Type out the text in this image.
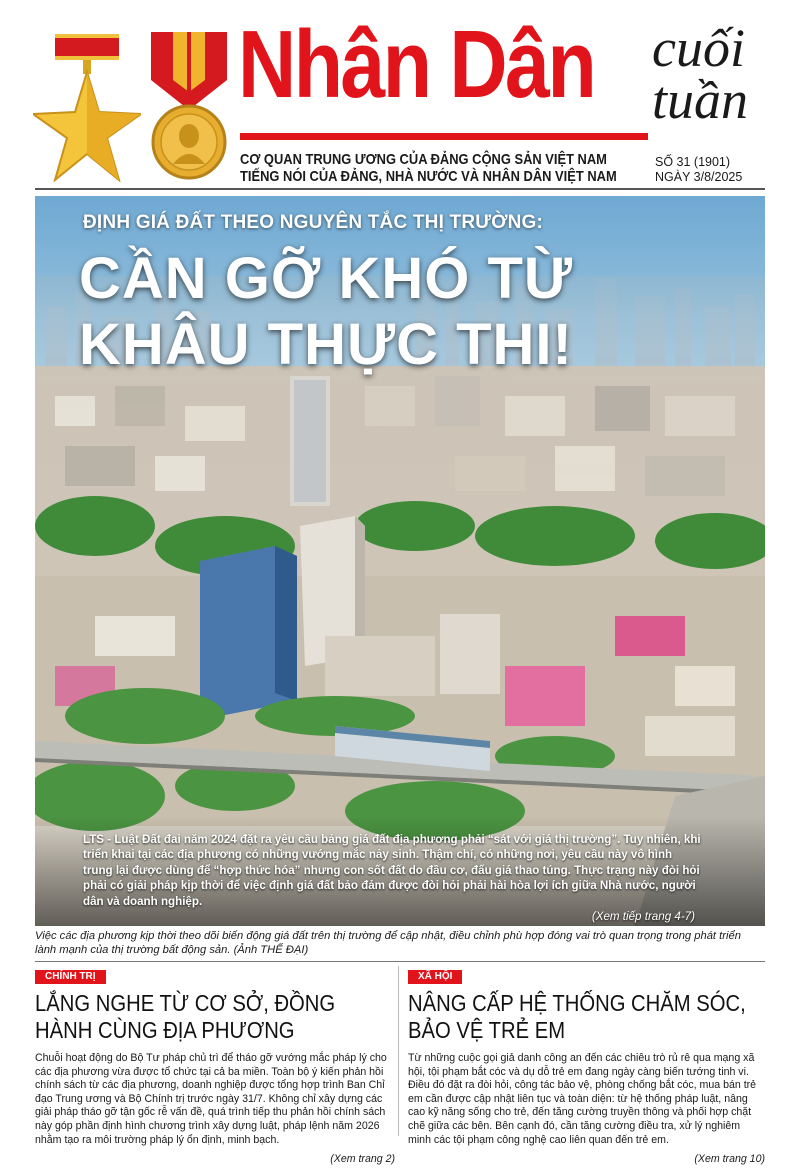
Nhân Dân
CƠ QUAN TRUNG ƯƠNG CỦA ĐẢNG CỘNG SẢN VIỆT NAM
TIẾNG NÓI CỦA ĐẢNG, NHÀ NƯỚC VÀ NHÂN DÂN VIỆT NAM
cuối tuần
SỐ 31 (1901)
NGÀY 3/8/2025
ĐỊNH GIÁ ĐẤT THEO NGUYÊN TẮC THỊ TRƯỜNG:
CẦN GỠ KHÓ TỪ KHÂU THỰC THI!
LTS - Luật Đất đai năm 2024 đặt ra yêu cầu bảng giá đất địa phương phải “sát với giá thị trường”. Tuy nhiên, khi triển khai tại các địa phương có những vướng mắc nảy sinh. Thậm chí, có những nơi, yêu cầu này vô hình trung lại được dùng để “hợp thức hóa” nhưng con sốt đất do đầu cơ, đấu giá thao túng. Thực trạng này đòi hỏi phải có giải pháp kịp thời để việc định giá đất bảo đảm được đòi hỏi phải hài hòa lợi ích giữa Nhà nước, người dân và doanh nghiệp.
(Xem tiếp trang 4-7)
Việc các địa phương kịp thời theo dõi biến động giá đất trên thị trường để cập nhật, điều chỉnh phù hợp đóng vai trò quan trọng trong phát triển lành mạnh của thị trường bất động sản. (Ảnh THẾ ĐẠI)
CHÍNH TRỊ
LẮNG NGHE TỪ CƠ SỞ, ĐỒNG HÀNH CÙNG ĐỊA PHƯƠNG
Chuỗi hoạt động do Bộ Tư pháp chủ trì để tháo gỡ vướng mắc pháp lý cho các địa phương vừa được tổ chức tại cả ba miền. Toàn bộ ý kiến phản hồi chính sách từ các địa phương, doanh nghiệp được tổng hợp trình Ban Chỉ đạo Trung ương và Bộ Chính trị trước ngày 31/7. Không chỉ xây dựng các giải pháp tháo gỡ tận gốc rễ vấn đề, quá trình tiếp thu phản hồi chính sách này góp phần định hình chương trình xây dựng luật, pháp lệnh năm 2026 nhằm tạo ra môi trường pháp lý ổn định, minh bạch.
(Xem trang 2)
XÃ HỘI
NÂNG CẤP HỆ THỐNG CHĂM SÓC, BẢO VỆ TRẺ EM
Từ những cuộc gọi giả danh công an đến các chiêu trò rủ rê qua mạng xã hội, tội phạm bắt cóc và dụ dỗ trẻ em đang ngày càng biến tướng tinh vi. Điều đó đặt ra đòi hỏi, công tác bảo vệ, phòng chống bắt cóc, mua bán trẻ em cần được cập nhật liên tục và toàn diện: từ hệ thống pháp luật, nâng cao kỹ năng sống cho trẻ, đến tăng cường truyền thông và phối hợp chặt chẽ giữa các bên. Bên cạnh đó, cần tăng cường điều tra, xử lý nghiêm minh các tội phạm công nghệ cao liên quan đến trẻ em.
(Xem trang 10)
